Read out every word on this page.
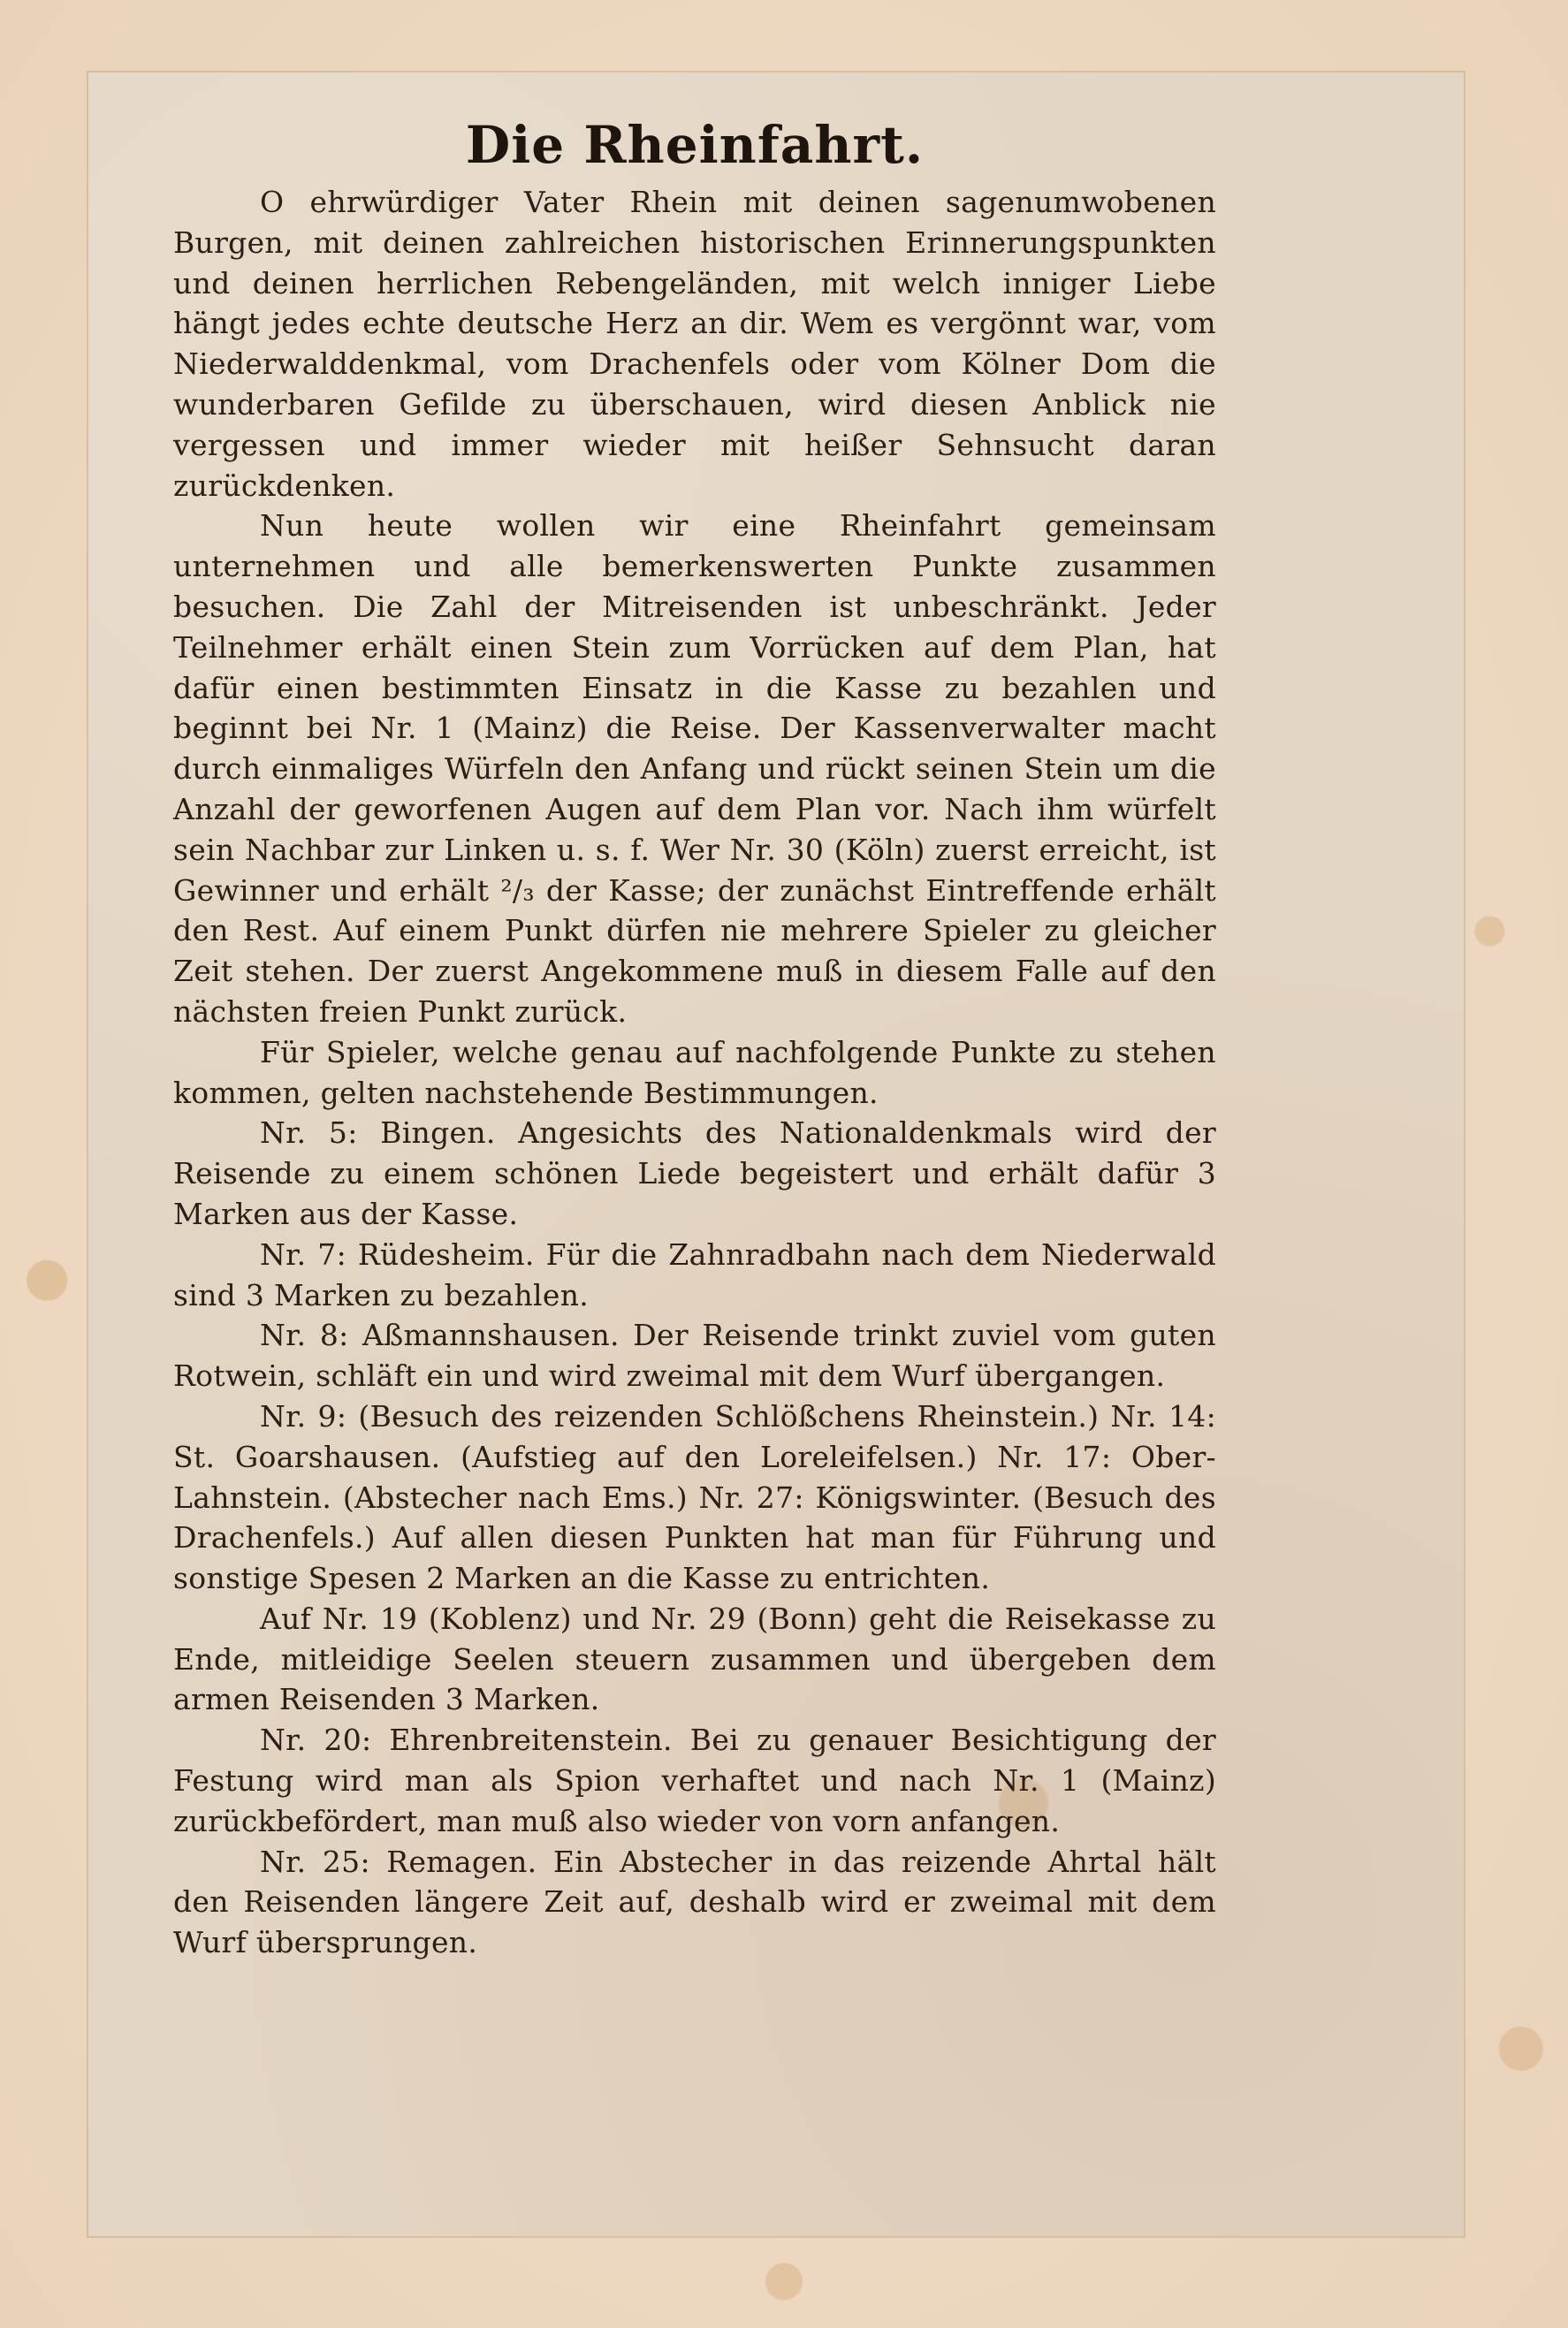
Die Rheinfahrt.

O ehrwürdiger Vater Rhein mit deinen sagenumwobenen Burgen, mit deinen zahlreichen historischen Erinnerungspunkten und deinen herrlichen Rebengeländen, mit welch inniger Liebe hängt jedes echte deutsche Herz an dir. Wem es vergönnt war, vom Niederwalddenkmal, vom Drachenfels oder vom Kölner Dom die wunderbaren Gefilde zu überschauen, wird diesen Anblick nie vergessen und immer wieder mit heißer Sehnsucht daran zurückdenken.

Nun heute wollen wir eine Rheinfahrt gemeinsam unternehmen und alle bemerkenswerten Punkte zusammen besuchen. Die Zahl der Mitreisenden ist unbeschränkt. Jeder Teilnehmer erhält einen Stein zum Vorrücken auf dem Plan, hat dafür einen bestimmten Einsatz in die Kasse zu bezahlen und beginnt bei Nr. 1 (Mainz) die Reise. Der Kassenverwalter macht durch einmaliges Würfeln den Anfang und rückt seinen Stein um die Anzahl der geworfenen Augen auf dem Plan vor. Nach ihm würfelt sein Nachbar zur Linken u. s. f. Wer Nr. 30 (Köln) zuerst erreicht, ist Gewinner und erhält ²/₃ der Kasse; der zunächst Eintreffende erhält den Rest. Auf einem Punkt dürfen nie mehrere Spieler zu gleicher Zeit stehen. Der zuerst Angekommene muß in diesem Falle auf den nächsten freien Punkt zurück.

Für Spieler, welche genau auf nachfolgende Punkte zu stehen kommen, gelten nachstehende Bestimmungen.

Nr. 5: Bingen. Angesichts des Nationaldenkmals wird der Reisende zu einem schönen Liede begeistert und erhält dafür 3 Marken aus der Kasse.

Nr. 7: Rüdesheim. Für die Zahnradbahn nach dem Niederwald sind 3 Marken zu bezahlen.

Nr. 8: Aßmannshausen. Der Reisende trinkt zuviel vom guten Rotwein, schläft ein und wird zweimal mit dem Wurf übergangen.

Nr. 9: (Besuch des reizenden Schlößchens Rheinstein.) Nr. 14: St. Goarshausen. (Aufstieg auf den Loreleifelsen.) Nr. 17: Ober-Lahnstein. (Abstecher nach Ems.) Nr. 27: Königswinter. (Besuch des Drachenfels.) Auf allen diesen Punkten hat man für Führung und sonstige Spesen 2 Marken an die Kasse zu entrichten.

Auf Nr. 19 (Koblenz) und Nr. 29 (Bonn) geht die Reisekasse zu Ende, mitleidige Seelen steuern zusammen und übergeben dem armen Reisenden 3 Marken.

Nr. 20: Ehrenbreitenstein. Bei zu genauer Besichtigung der Festung wird man als Spion verhaftet und nach Nr. 1 (Mainz) zurückbefördert, man muß also wieder von vorn anfangen.

Nr. 25: Remagen. Ein Abstecher in das reizende Ahrtal hält den Reisenden längere Zeit auf, deshalb wird er zweimal mit dem Wurf übersprungen.
